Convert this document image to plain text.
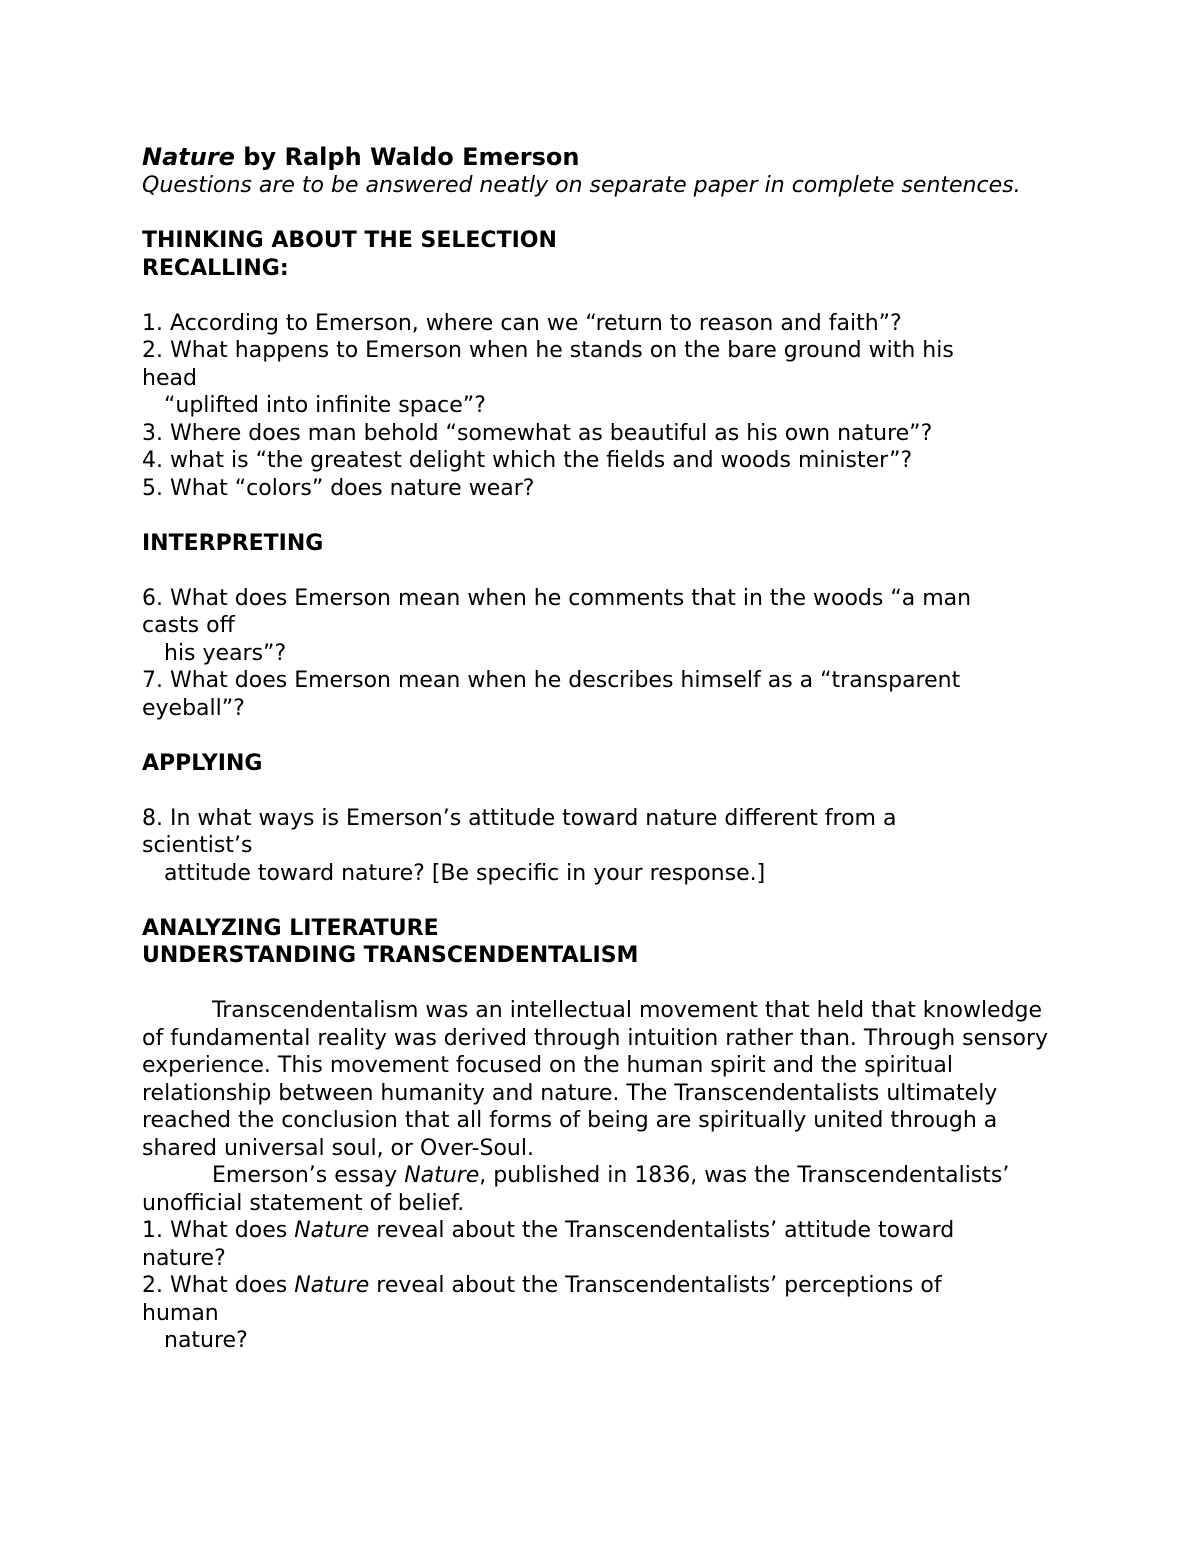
Nature by Ralph Waldo Emerson

Questions are to be answered neatly on separate paper in complete sentences.

THINKING ABOUT THE SELECTION

RECALLING:

1. According to Emerson, where can we “return to reason and faith”?

2. What happens to Emerson when he stands on the bare ground with his

head

“uplifted into infinite space”?

3. Where does man behold “somewhat as beautiful as his own nature”?

4. what is “the greatest delight which the fields and woods minister”?

5. What “colors” does nature wear?

INTERPRETING

6. What does Emerson mean when he comments that in the woods “a man

casts off

his years”?

7. What does Emerson mean when he describes himself as a “transparent

eyeball”?

APPLYING

8. In what ways is Emerson’s attitude toward nature different from a

scientist’s

attitude toward nature? [Be specific in your response.]

ANALYZING LITERATURE

UNDERSTANDING TRANSCENDENTALISM

Transcendentalism was an intellectual movement that held that knowledge of fundamental reality was derived through intuition rather than. Through sensory experience. This movement focused on the human spirit and the spiritual relationship between humanity and nature. The Transcendentalists ultimately reached the conclusion that all forms of being are spiritually united through a shared universal soul, or Over-Soul.

Emerson’s essay Nature, published in 1836, was the Transcendentalists’ unofficial statement of belief.

1. What does Nature reveal about the Transcendentalists’ attitude toward

nature?

2. What does Nature reveal about the Transcendentalists’ perceptions of

human

nature?
